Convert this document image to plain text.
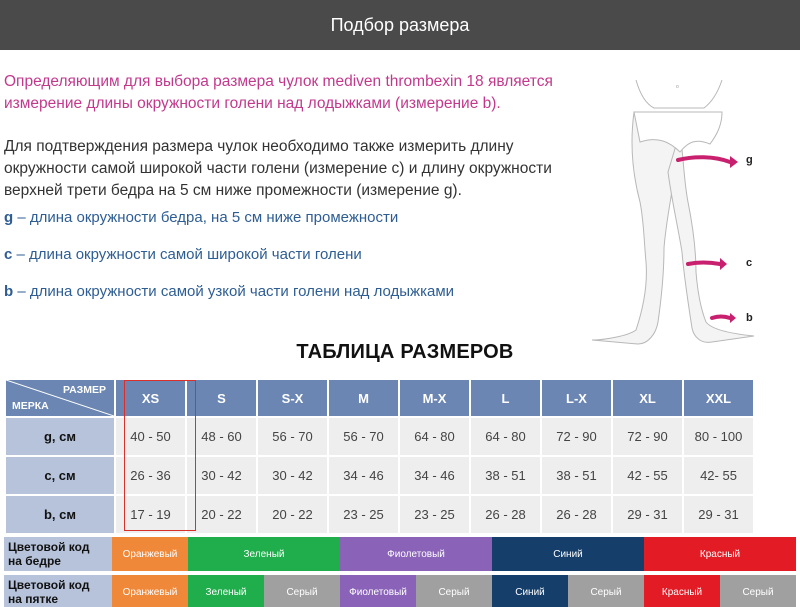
Подбор размера
Определяющим для выбора размера чулок mediven thrombexin 18 является
измерение длины окружности голени над лодыжками (измерение b).
Для подтверждения размера чулок необходимо также измерить длину
окружности самой широкой части голени (измерение c) и длину окружности
верхней трети бедра на 5 см ниже промежности (измерение g).
g – длина окружности бедра, на 5 см ниже промежности
c – длина окружности самой широкой части голени
b – длина окружности самой узкой части голени над лодыжками
o
g
c
b
ТАБЛИЦА РАЗМЕРОВ
РАЗМЕР
МЕРКА	XS	S	S-X	M	M-X	L	L-X	XL	XXL
g, см	40 - 50	48 - 60	56 - 70	56 - 70	64 - 80	64 - 80	72 - 90	72 - 90	80 - 100
c, см	26 - 36	30 - 42	30 - 42	34 - 46	34 - 46	38 - 51	38 - 51	42 - 55	42- 55
b, см	17 - 19	20 - 22	20 - 22	23 - 25	23 - 25	26 - 28	26 - 28	29 - 31	29 - 31
Цветовой код
на бедре	Оранжевый	Зеленый	Фиолетовый	Синий	Красный
Цветовой код
на пятке	Оранжевый	Зеленый	Серый	Фиолетовый	Серый	Синий	Серый	Красный	Серый
